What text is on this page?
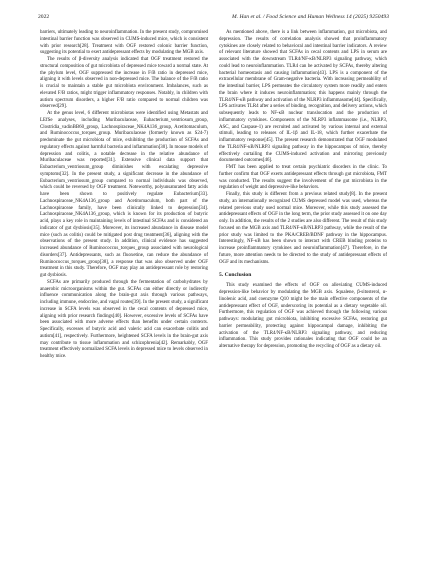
2022	M. Han et al. / Food Science and Human Wellness 14 (2025) 9250493

barriers, ultimately leading to neuroinflammation. In the present study, compromised intestinal barrier function was observed in CUMS-induced mice, which is consistent with prior research[28]. Treatment with OGF restored colonic barrier function, suggesting its potential to exert antidepressant effects by modulating the MGB axis.

The results of β-diversity analysis indicated that OGF treatment restored the structural composition of gut microbiota of depressed mice toward a normal state. At the phylum level, OGF suppressed the increase in F/B ratio in depressed mice, aligning it with levels observed in non-depressed mice. The balance of the F/B ratio is crucial to maintain a stable gut microbiota environment. Imbalances, such as elevated F/B ratios, might trigger inflammatory responses. Notably, in children with autism spectrum disorders, a higher F/B ratio compared to normal children was observed[29].

At the genus level, 6 different microbiotas were identified using Metastats and LEfSe analyses, including Muribaculaceae, Eubacterium_ventriosum_group, Clostridia_vadinBB60_group, Lachnospiraceae_NK4A136_group, Acetitomaculum, and Ruminococcus_torques_group. Muribaculaceae (formerly known as S24-7) predominate the gut microbiota of mice, exhibiting the production of SCFAs and regulatory effects against harmful bacteria and inflammation[30]. In mouse models of depression and colitis, a notable decrease in the relative abundance of Muribaculaceae was reported[31]. Extensive clinical data support that Eubacterium_ventriosum_group diminishes with escalating depressive symptoms[32]. In the present study, a significant decrease in the abundance of Eubacterium_ventriosum_group compared to normal individuals was observed, which could be reversed by OGF treatment. Noteworthy, polyunsaturated fatty acids have been shown to positively regulate Eubacterium[33]. Lachnospiraceae_NK4A136_group and Acetitomaculum, both part of the Lachnospiraceae family, have been clinically linked to depression[34]. Lachnospiraceae_NK4A136_group, which is known for its production of butyric acid, plays a key role in maintaining levels of intestinal SCFAs and is considered an indicator of gut dysbiosis[35]. Moreover, its increased abundance in disease model mice (such as colitis) could be mitigated post drug treatment[36], aligning with the observations of the present study. In addition, clinical evidence has suggested increased abundance of Ruminococcus_torques_group associated with neurological disorders[37]. Antidepressants, such as fluoxetine, can reduce the abundance of Ruminococcus_torques_group[38], a response that was also observed under OGF treatment in this study. Therefore, OGF may play an antidepressant role by restoring gut dysbiosis.

SCFAs are primarily produced through the fermentation of carbohydrates by anaerobic microorganisms within the gut. SCFAs can either directly or indirectly influence communication along the brain-gut axis through various pathways, including immune, endocrine, and vagal routes[39]. In the present study, a significant increase in SCFA levels was observed in the cecal contents of depressed mice, aligning with prior research findings[40]. However, excessive levels of SCFAs have been associated with more adverse effects than benefits under certain contexts. Specifically, excesses of butyric acid and valeric acid can exacerbate colitis and autism[41], respectively. Furthermore, heightened SCFA levels in the brain-gut axis may contribute to tissue inflammation and schizophrenia[42]. Remarkably, OGF treatment effectively normalized SCFA levels in depressed mice to levels observed in healthy mice.

As mentioned above, there is a link between inflammation, gut microbiota, and depression. The results of correlation analysis showed that proinflammatory cytokines are closely related to behavioral and intestinal barrier indicators. A review of relevant literature showed that SCFAs in cecal contents and LPS in serum are associated with the downstream TLR4/NF-κB/NLRP3 signaling pathway, which could lead to neuroinflammation. TLR4 can be activated by SCFAs, thereby altering bacterial homeostasis and causing inflammation[43]. LPS is a component of the extracellular membrane of Gram-negative bacteria. With increasing permeability of the intestinal barrier, LPS permeates the circulatory system more readily and enters the brain where it induces neuroinflammation; this happens mainly through the TLR4/NF-κB pathway and activation of the NLRP3 inflammasome[44]. Specifically, LPS activates TLR4 after a series of binding, recognition, and delivery actions, which subsequently leads to NF-κB nuclear translocation and the production of inflammatory cytokines. Components of the NLRP3 inflammasome (i.e., NLRP3, ASC, and Caspase-1) are recruited and activated by various internal and external stimuli, leading to releases of IL-1β and IL-18, which further exacerbate the inflammatory response[45]. The present research demonstrated that OGF modulated the TLR4/NF-κB/NLRP3 signaling pathway in the hippocampus of mice, thereby effectively curtailing the CUMS-induced activation and mirroring previously documented outcomes[46].

FMT has been applied to treat certain psychiatric disorders in the clinic. To further confirm that OGF exerts antidepressant effects through gut microbiota, FMT was conducted. The results suggest the involvement of the gut microbiota in the regulation of weight and depressive-like behaviors.

Finally, this study is different from a previous related study[8]. In the present study, an internationally recognized CUMS depressed model was used, whereas the related previous study used normal mice. Moreover, while this study assessed the antidepressant effects of OGF in the long term, the prior study assessed it on one day only. In addition, the results of the 2 studies are also different. The result of this study focused on the MGB axis and TLR4/NF-κB/NLRP3 pathway, while the result of the prior study was limited to the PKA/CREB/BDNF pathway in the hippocampus. Interestingly, NF-κB has been shown to interact with CREB binding proteins to increase proinflammatory cytokines and neuroinflammation[47]. Therefore, in the future, more attention needs to be directed to the study of antidepressant effects of OGF and its mechanisms.

5. Conclusion

This study examined the effects of OGF on alleviating CUMS-induced depression-like behavior by modulating the MGB axis. Squalene, β-sitosterol, α-linolenic acid, and coenzyme Q10 might be the main effective components of the antidepressant effect of OGF, underscoring its potential as a dietary vegetable oil. Furthermore, this regulation of OGF was achieved through the following various pathways: modulating gut microbiota, inhibiting excessive SCFAs, restoring gut barrier permeability, protecting against hippocampal damage, inhibiting the activation of the TLR4/NF-κB/NLRP3 signaling pathway, and reducing inflammation. This study provides rationales indicating that OGF could be an alternative therapy for depression, promoting the recycling of OGF as a dietary oil.
